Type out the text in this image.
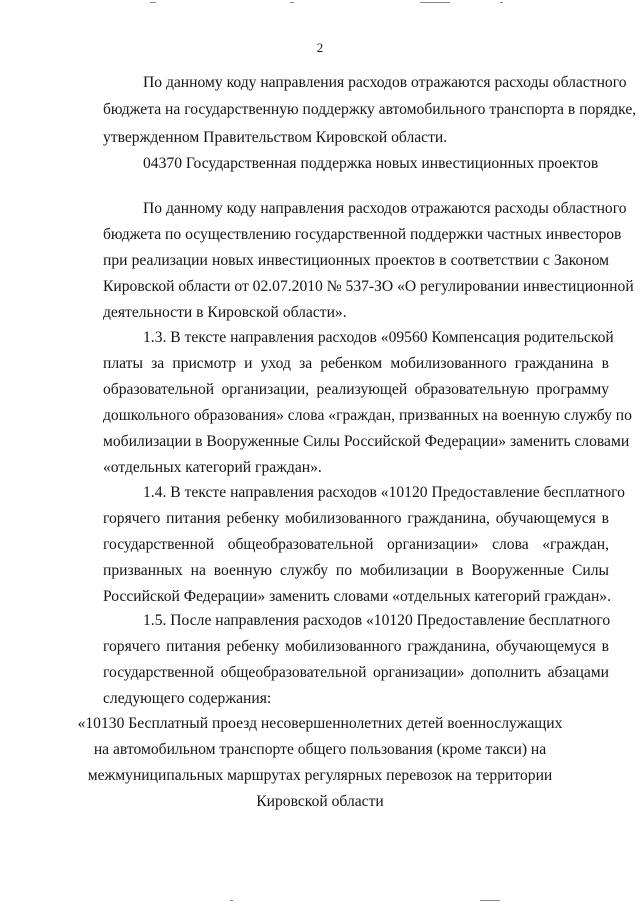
2
По данному коду направления расходов отражаются расходы областного
бюджета на государственную поддержку автомобильного транспорта в порядке,
утвержденном Правительством Кировской области.
04370 Государственная поддержка новых инвестиционных проектов
По данному коду направления расходов отражаются расходы областного
бюджета по осуществлению государственной поддержки частных инвесторов
при реализации новых инвестиционных проектов в соответствии с Законом
Кировской области от 02.07.2010 № 537-ЗО «О регулировании инвестиционной
деятельности в Кировской области».
1.3. В тексте направления расходов «09560 Компенсация родительской
платы за присмотр и уход за ребенком мобилизованного гражданина в
образовательной организации, реализующей образовательную программу
дошкольного образования» слова «граждан, призванных на военную службу по
мобилизации в Вооруженные Силы Российской Федерации» заменить словами
«отдельных категорий граждан».
1.4. В тексте направления расходов «10120 Предоставление бесплатного
горячего питания ребенку мобилизованного гражданина, обучающемуся в
государственной общеобразовательной организации» слова «граждан,
призванных на военную службу по мобилизации в Вооруженные Силы
Российской Федерации» заменить словами «отдельных категорий граждан».
1.5. После направления расходов «10120 Предоставление бесплатного
горячего питания ребенку мобилизованного гражданина, обучающемуся в
государственной общеобразовательной организации» дополнить абзацами
следующего содержания:
«10130 Бесплатный проезд несовершеннолетних детей военнослужащих
на автомобильном транспорте общего пользования (кроме такси) на
межмуниципальных маршрутах регулярных перевозок на территории
Кировской области
